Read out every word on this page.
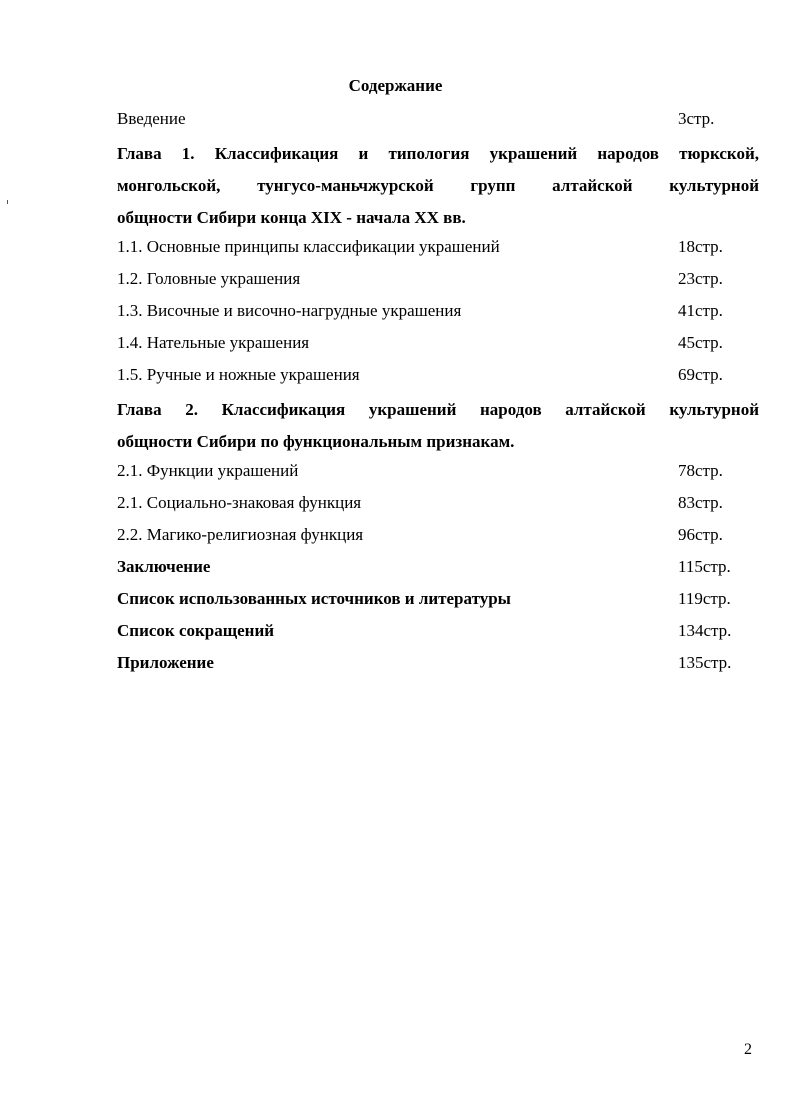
Содержание
Введение	3стр.
Глава 1. Классификация и типология украшений народов тюркской,
монгольской, тунгусо-маньчжурской групп алтайской культурной
общности Сибири конца XIX - начала XX вв.
1.1. Основные принципы классификации украшений	18стр.
1.2. Головные украшения	23стр.
1.3. Височные и височно-нагрудные украшения	41стр.
1.4. Нательные украшения	45стр.
1.5. Ручные и ножные украшения	69стр.
Глава 2. Классификация украшений народов алтайской культурной
общности Сибири по функциональным признакам.
2.1. Функции украшений	78стр.
2.1. Социально-знаковая функция	83стр.
2.2. Магико-религиозная функция	96стр.
Заключение	115стр.
Список использованных источников и литературы	119стр.
Список сокращений	134стр.
Приложение	135стр.
2
